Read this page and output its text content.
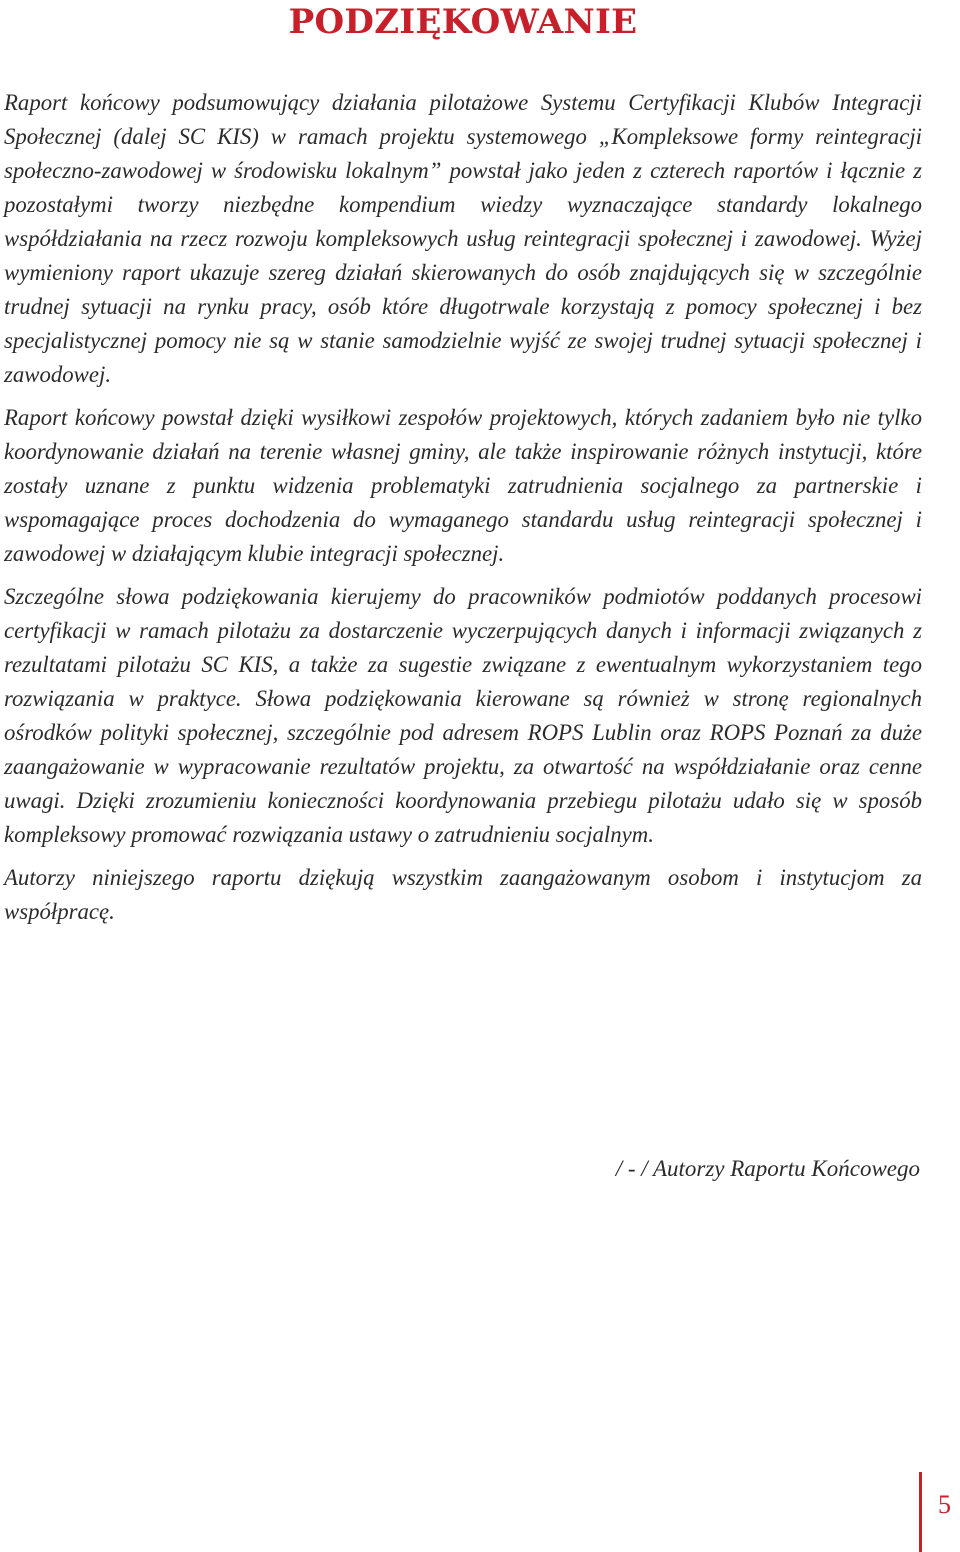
PODZIĘKOWANIE

Raport końcowy podsumowujący działania pilotażowe Systemu Certyfikacji Klubów Integracji Społecznej (dalej SC KIS) w ramach projektu systemowego „Kompleksowe formy reintegracji społeczno-zawodowej w środowisku lokalnym” powstał jako jeden z czterech raportów i łącznie z pozostałymi tworzy niezbędne kompendium wiedzy wyznaczające standardy lokalnego współdziałania na rzecz rozwoju kompleksowych usług reintegracji społecznej i zawodowej. Wyżej wymieniony raport ukazuje szereg działań skierowanych do osób znajdujących się w szczególnie trudnej sytuacji na rynku pracy, osób które długotrwale korzystają z pomocy społecznej i bez specjalistycznej pomocy nie są w stanie samodzielnie wyjść ze swojej trudnej sytuacji społecznej i zawodowej.

Raport końcowy powstał dzięki wysiłkowi zespołów projektowych, których zadaniem było nie tylko koordynowanie działań na terenie własnej gminy, ale także inspirowanie różnych instytucji, które zostały uznane z punktu widzenia problematyki zatrudnienia socjalnego za partnerskie i wspomagające proces dochodzenia do wymaganego standardu usług reintegracji społecznej i zawodowej w działającym klubie integracji społecznej.

Szczególne słowa podziękowania kierujemy do pracowników podmiotów poddanych procesowi certyfikacji w ramach pilotażu za dostarczenie wyczerpujących danych i informacji związanych z rezultatami pilotażu SC KIS, a także za sugestie związane z ewentualnym wykorzystaniem tego rozwiązania w praktyce. Słowa podziękowania kierowane są również w stronę regionalnych ośrodków polityki społecznej, szczególnie pod adresem ROPS Lublin oraz ROPS Poznań za duże zaangażowanie w wypracowanie rezultatów projektu, za otwartość na współdziałanie oraz cenne uwagi. Dzięki zrozumieniu konieczności koordynowania przebiegu pilotażu udało się w sposób kompleksowy promować rozwiązania ustawy o zatrudnieniu socjalnym.

Autorzy niniejszego raportu dziękują wszystkim zaangażowanym osobom i instytucjom za współpracę.

/ - / Autorzy Raportu Końcowego
5
